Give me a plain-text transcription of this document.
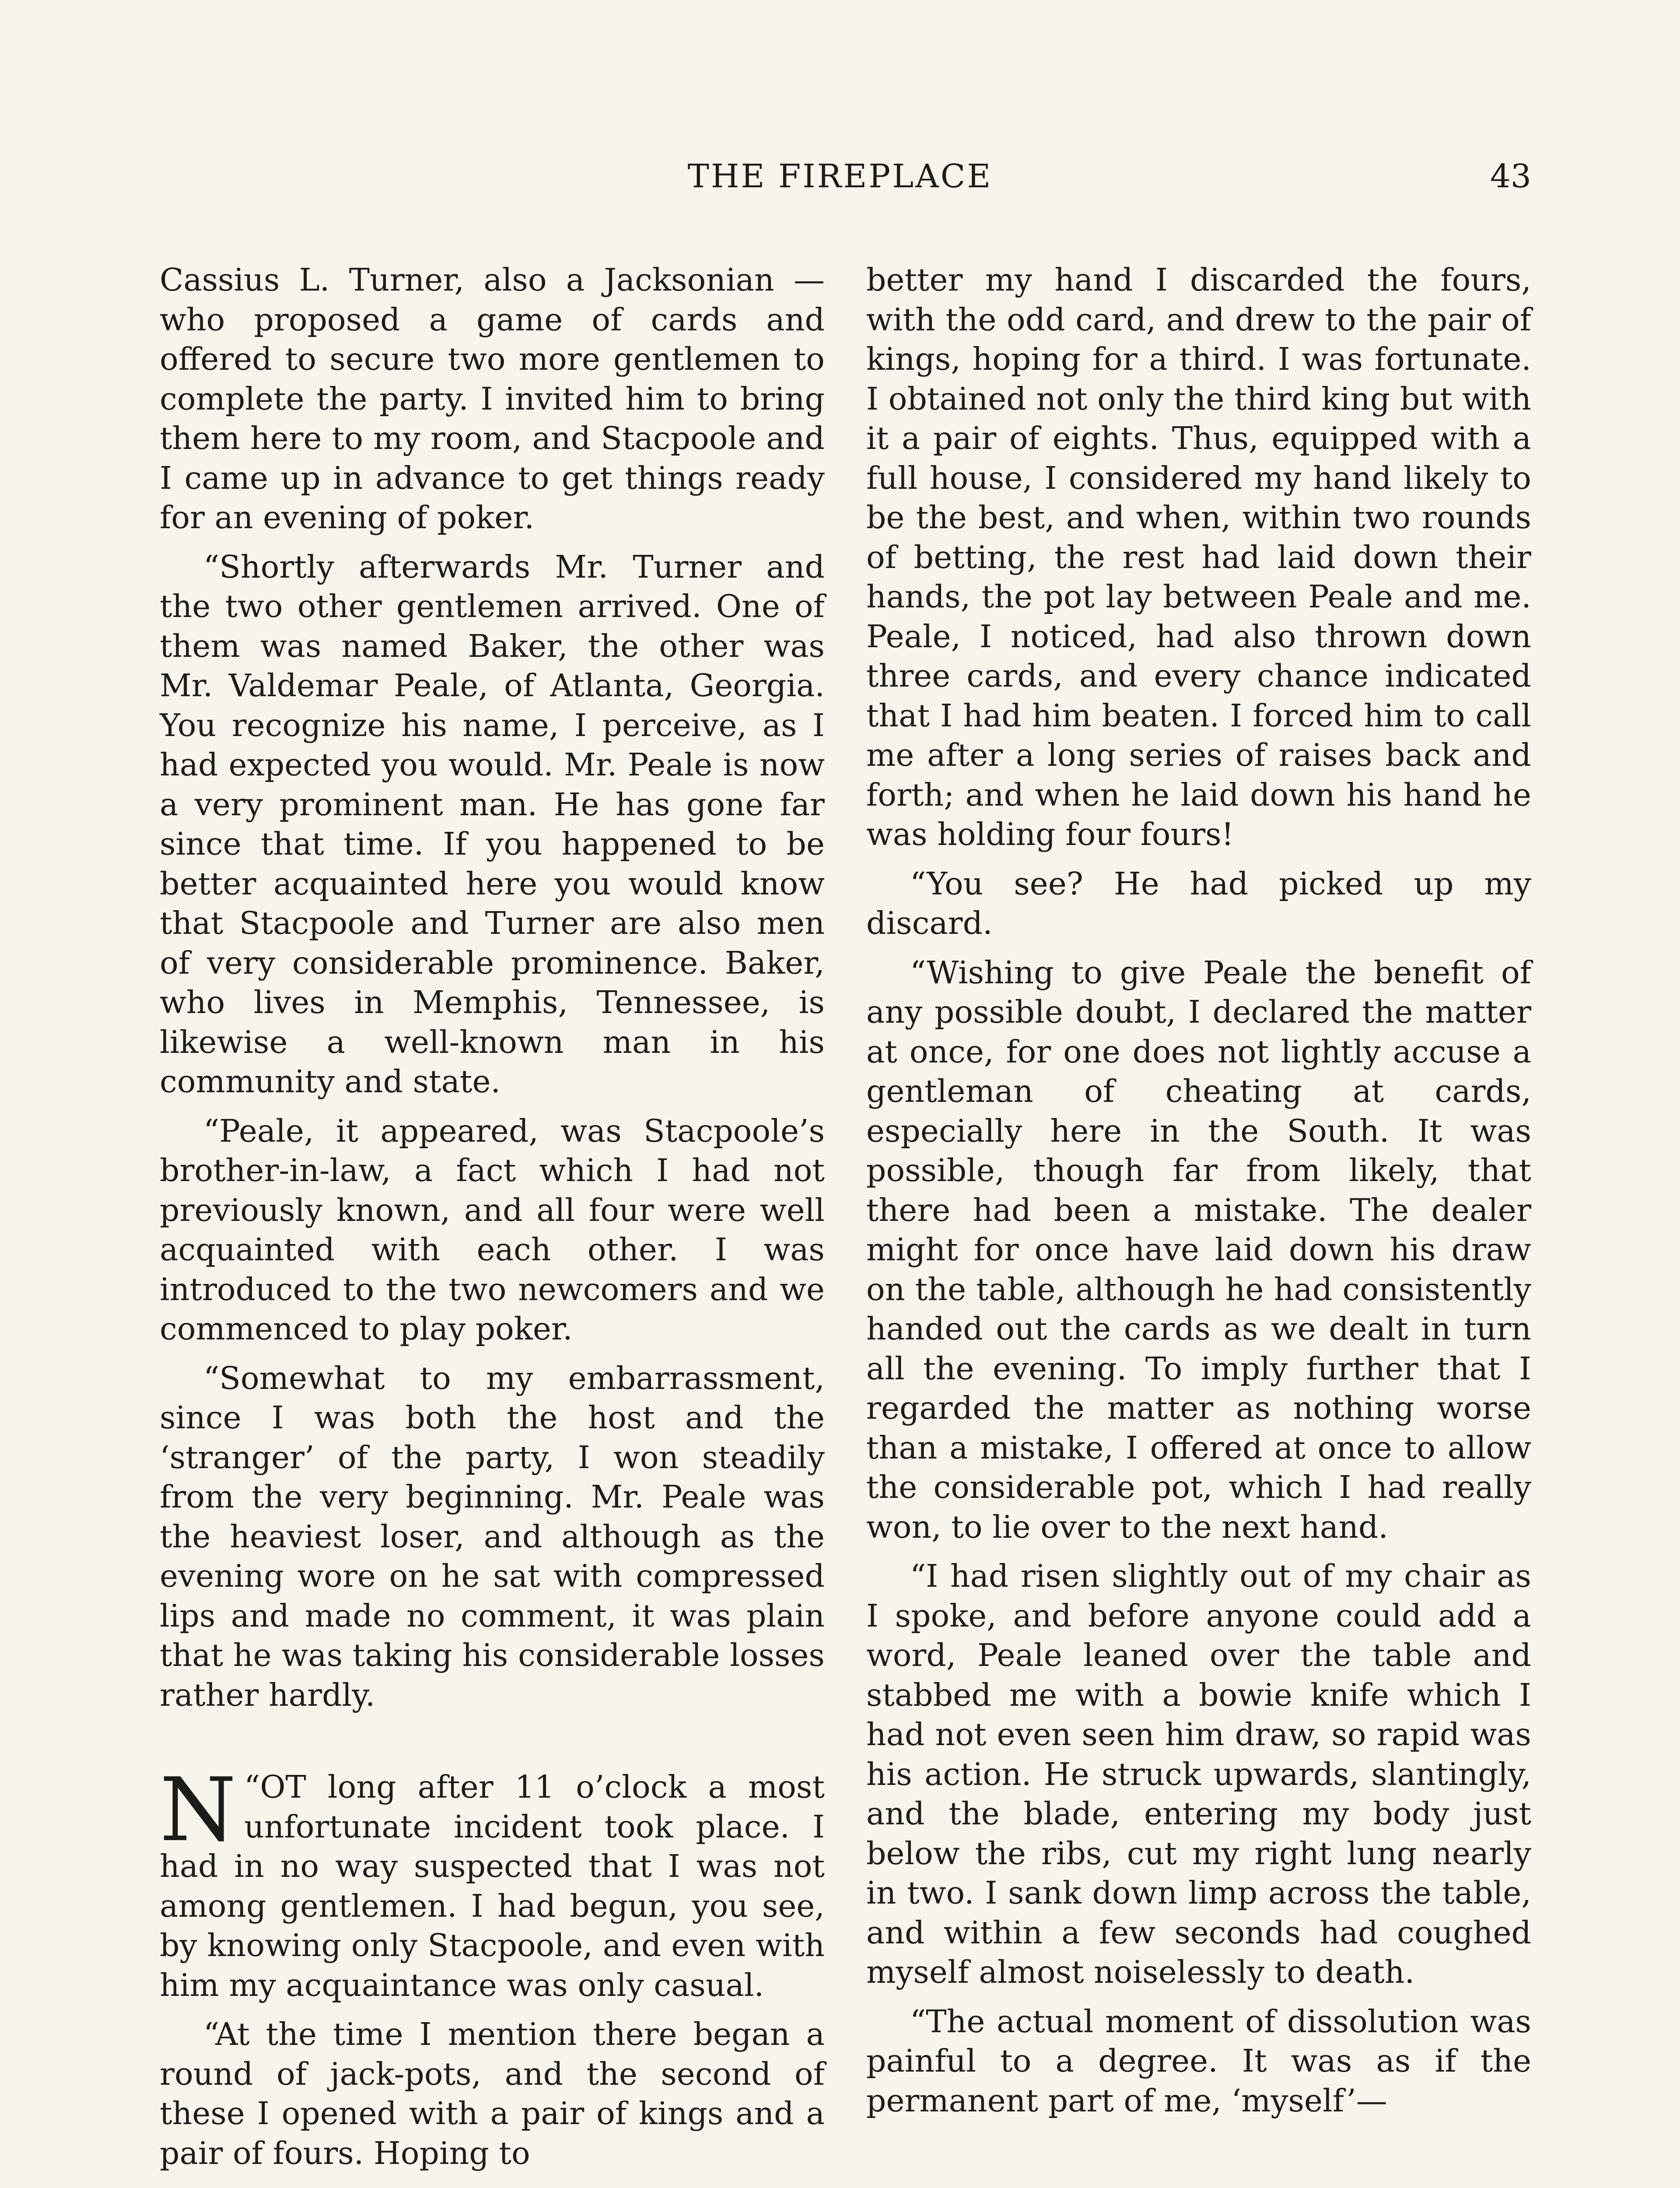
THE FIREPLACE	43

Cassius L. Turner, also a Jacksonian —who proposed a game of cards and offered to secure two more gentlemen to complete the party. I invited him to bring them here to my room, and Stacpoole and I came up in advance to get things ready for an evening of poker.

“Shortly afterwards Mr. Turner and the two other gentlemen arrived. One of them was named Baker, the other was Mr. Valdemar Peale, of Atlanta, Georgia. You recognize his name, I perceive, as I had expected you would. Mr. Peale is now a very prominent man. He has gone far since that time. If you happened to be better acquainted here you would know that Stacpoole and Turner are also men of very considerable prominence. Baker, who lives in Memphis, Tennessee, is likewise a well-known man in his community and state.

“Peale, it appeared, was Stacpoole’s brother-in-law, a fact which I had not previously known, and all four were well acquainted with each other. I was introduced to the two newcomers and we commenced to play poker.

“Somewhat to my embarrassment, since I was both the host and the ‘stranger’ of the party, I won steadily from the very beginning. Mr. Peale was the heaviest loser, and although as the evening wore on he sat with compressed lips and made no comment, it was plain that he was taking his considerable losses rather hardly.

“
N OT long after 11 o’clock a most unfortunate incident took place. I had in no way suspected that I was not among gentlemen. I had begun, you see, by knowing only Stacpoole, and even with him my acquaintance was only casual.

“At the time I mention there began a round of jack-pots, and the second of these I opened with a pair of kings and a pair of fours. Hoping to

better my hand I discarded the fours, with the odd card, and drew to the pair of kings, hoping for a third. I was fortunate. I obtained not only the third king but with it a pair of eights. Thus, equipped with a full house, I considered my hand likely to be the best, and when, within two rounds of betting, the rest had laid down their hands, the pot lay between Peale and me. Peale, I noticed, had also thrown down three cards, and every chance indicated that I had him beaten. I forced him to call me after a long series of raises back and forth; and when he laid down his hand he was holding four fours!

“You see? He had picked up my discard.

“Wishing to give Peale the benefit of any possible doubt, I declared the matter at once, for one does not lightly accuse a gentleman of cheating at cards, especially here in the South. It was possible, though far from likely, that there had been a mistake. The dealer might for once have laid down his draw on the table, although he had consistently handed out the cards as we dealt in turn all the evening. To imply further that I regarded the matter as nothing worse than a mistake, I offered at once to allow the considerable pot, which I had really won, to lie over to the next hand.

“I had risen slightly out of my chair as I spoke, and before anyone could add a word, Peale leaned over the table and stabbed me with a bowie knife which I had not even seen him draw, so rapid was his action. He struck upwards, slantingly, and the blade, entering my body just below the ribs, cut my right lung nearly in two. I sank down limp across the table, and within a few seconds had coughed myself almost noiselessly to death.

“The actual moment of dissolution was painful to a degree. It was as if the permanent part of me, ‘myself’—
